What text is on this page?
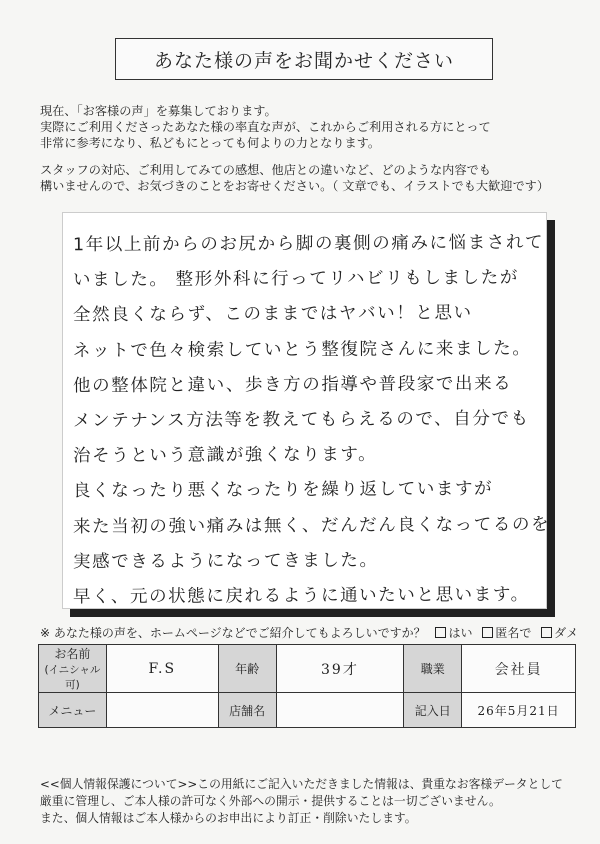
あなた様の声をお聞かせください

現在、「お客様の声」を募集しております。

実際にご利用くださったあなた様の率直な声が、これからご利用される方にとって

非常に参考になり、私どもにとっても何よりの力となります。

スタッフの対応、ご利用してみての感想、他店との違いなど、どのような内容でも

構いませんので、お気づきのことをお寄せください。（ 文章でも、イラストでも大歓迎です）

1年以上前からのお尻から脚の裏側の痛みに悩まされて
いました。 整形外科に行ってリハビリもしましたが
全然良くならず、このままではヤバい！と思い
ネットで色々検索していとう整復院さんに来ました。
他の整体院と違い、歩き方の指導や普段家で出来る
メンテナンス方法等を教えてもらえるので、自分でも
治そうという意識が強くなります。
良くなったり悪くなったりを繰り返していますが
来た当初の強い痛みは無く、だんだん良くなってるのを
実感できるようになってきました。
早く、元の状態に戻れるように通いたいと思います。
※ あなた様の声を、ホームページなどでご紹介してもよろしいですか？ はい 匿名で ダメ
お名前
(イニシャル可)	F.S	年齢	39才	職業	会社員
メニュー		店舗名		記入日	26年5月21日

<<個人情報保護について>>この用紙にご記入いただきました情報は、貴重なお客様データとして

厳重に管理し、ご本人様の許可なく外部への開示・提供することは一切ございません。

また、個人情報はご本人様からのお申出により訂正・削除いたします。
